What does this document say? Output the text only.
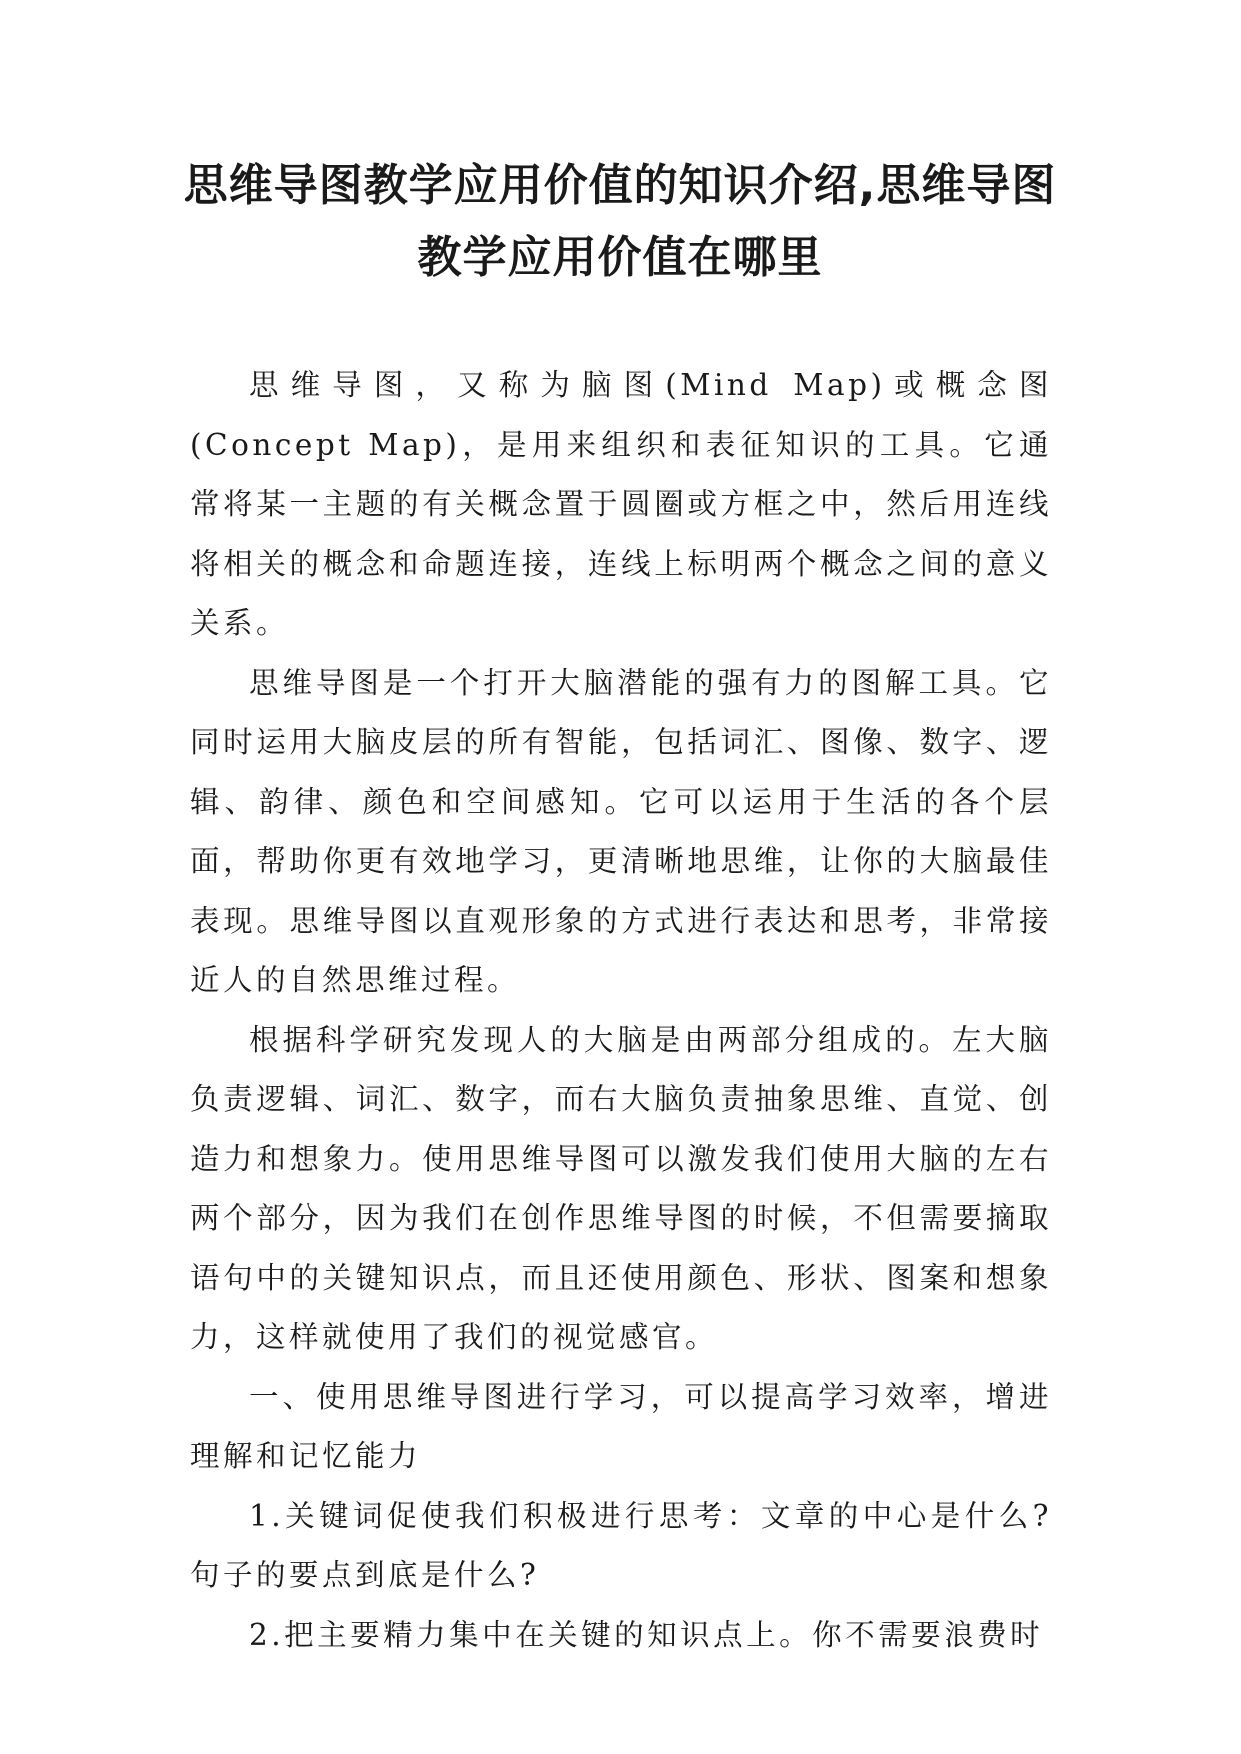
思维导图教学应用价值的知识介绍,思维导图教学应用价值在哪里

思维导图，又称为脑图(Mind Map)或概念图(Concept Map)，是用来组织和表征知识的工具。它通常将某一主题的有关概念置于圆圈或方框之中，然后用连线将相关的概念和命题连接，连线上标明两个概念之间的意义关系。

思维导图是一个打开大脑潜能的强有力的图解工具。它同时运用大脑皮层的所有智能，包括词汇、图像、数字、逻辑、韵律、颜色和空间感知。它可以运用于生活的各个层面，帮助你更有效地学习，更清晰地思维，让你的大脑最佳表现。思维导图以直观形象的方式进行表达和思考，非常接近人的自然思维过程。

根据科学研究发现人的大脑是由两部分组成的。左大脑负责逻辑、词汇、数字，而右大脑负责抽象思维、直觉、创造力和想象力。使用思维导图可以激发我们使用大脑的左右两个部分，因为我们在创作思维导图的时候，不但需要摘取语句中的关键知识点，而且还使用颜色、形状、图案和想象力，这样就使用了我们的视觉感官。

一、使用思维导图进行学习，可以提高学习效率，增进理解和记忆能力

1.关键词促使我们积极进行思考：文章的中心是什么?句子的要点到底是什么?

2.把主要精力集中在关键的知识点上。你不需要浪费时
